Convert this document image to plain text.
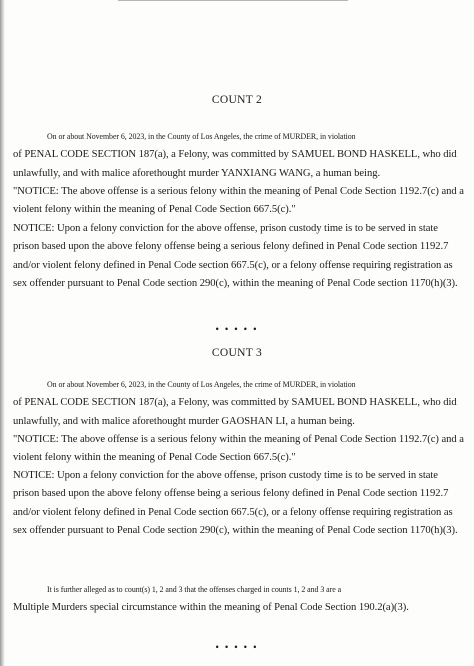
COUNT 2
On or about November 6, 2023, in the County of Los Angeles, the crime of MURDER, in violation
of PENAL CODE SECTION 187(a), a Felony, was committed by SAMUEL BOND HASKELL, who did
unlawfully, and with malice aforethought murder YANXIANG WANG, a human being.
"NOTICE: The above offense is a serious felony within the meaning of Penal Code Section 1192.7(c) and a
violent felony within the meaning of Penal Code Section 667.5(c)."
NOTICE: Upon a felony conviction for the above offense, prison custody time is to be served in state
prison based upon the above felony offense being a serious felony defined in Penal Code section 1192.7
and/or violent felony defined in Penal Code section 667.5(c), or a felony offense requiring registration as
sex offender pursuant to Penal Code section 290(c), within the meaning of Penal Code section 1170(h)(3).
• • • • •
COUNT 3
On or about November 6, 2023, in the County of Los Angeles, the crime of MURDER, in violation
of PENAL CODE SECTION 187(a), a Felony, was committed by SAMUEL BOND HASKELL, who did
unlawfully, and with malice aforethought murder GAOSHAN LI, a human being.
"NOTICE: The above offense is a serious felony within the meaning of Penal Code Section 1192.7(c) and a
violent felony within the meaning of Penal Code Section 667.5(c)."
NOTICE: Upon a felony conviction for the above offense, prison custody time is to be served in state
prison based upon the above felony offense being a serious felony defined in Penal Code section 1192.7
and/or violent felony defined in Penal Code section 667.5(c), or a felony offense requiring registration as
sex offender pursuant to Penal Code section 290(c), within the meaning of Penal Code section 1170(h)(3).
It is further alleged as to count(s) 1, 2 and 3 that the offenses charged in counts 1, 2 and 3 are a
Multiple Murders special circumstance within the meaning of Penal Code Section 190.2(a)(3).
• • • • •
